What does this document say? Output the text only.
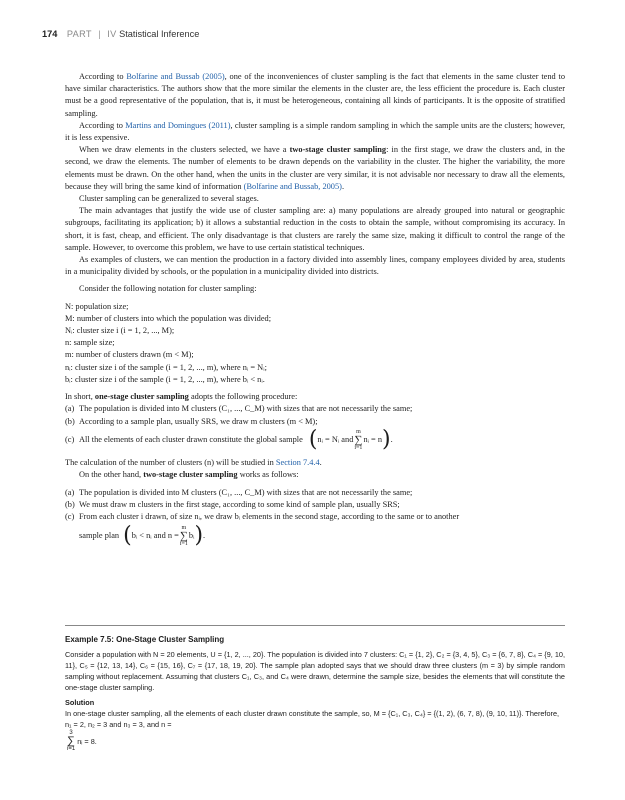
174 PART | IV Statistical Inference

According to Bolfarine and Bussab (2005), one of the inconveniences of cluster sampling is the fact that elements in the same cluster tend to have similar characteristics. The authors show that the more similar the elements in the cluster are, the less efficient the procedure is. Each cluster must be a good representative of the population, that is, it must be heterogeneous, containing all kinds of participants. It is the opposite of stratified sampling.

According to Martins and Domingues (2011), cluster sampling is a simple random sampling in which the sample units are the clusters; however, it is less expensive.

When we draw elements in the clusters selected, we have a two-stage cluster sampling: in the first stage, we draw the clusters and, in the second, we draw the elements. The number of elements to be drawn depends on the variability in the cluster. The higher the variability, the more elements must be drawn. On the other hand, when the units in the cluster are very similar, it is not advisable nor necessary to draw all the elements, because they will bring the same kind of information (Bolfarine and Bussab, 2005).

Cluster sampling can be generalized to several stages.

The main advantages that justify the wide use of cluster sampling are: a) many populations are already grouped into natural or geographic subgroups, facilitating its application; b) it allows a substantial reduction in the costs to obtain the sample, without compromising its accuracy. In short, it is fast, cheap, and efficient. The only disadvantage is that clusters are rarely the same size, making it difficult to control the range of the sample. However, to overcome this problem, we have to use certain statistical techniques.

As examples of clusters, we can mention the production in a factory divided into assembly lines, company employees divided by area, students in a municipality divided by schools, or the population in a municipality divided into districts.

Consider the following notation for cluster sampling:

N: population size;
M: number of clusters into which the population was divided;
Nᵢ: cluster size i (i = 1, 2, ..., M);
n: sample size;
m: number of clusters drawn (m < M);
nᵢ: cluster size i of the sample (i = 1, 2, ..., m), where nᵢ = Nᵢ;
bᵢ: cluster size i of the sample (i = 1, 2, ..., m), where bᵢ < nᵢ.

In short, one-stage cluster sampling adopts the following procedure:

(a) The population is divided into M clusters (C₁, ..., C_M) with sizes that are not necessarily the same;
(b) According to a sample plan, usually SRS, we draw m clusters (m < M);
(c) All the elements of each cluster drawn constitute the global sample ( nᵢ = Nᵢ and
m
∑
i=1
nᵢ = n ) .

The calculation of the number of clusters (n) will be studied in Section 7.4.4.

On the other hand, two-stage cluster sampling works as follows:

(a) The population is divided into M clusters (C₁, ..., C_M) with sizes that are not necessarily the same;
(b) We must draw m clusters in the first stage, according to some kind of sample plan, usually SRS;
(c) From each cluster i drawn, of size nᵢ, we draw bᵢ elements in the second stage, according to the same or to another
sample plan ( bᵢ < nᵢ and n =
m
∑
i=1
bᵢ ) .
Example 7.5: One-Stage Cluster Sampling
Consider a population with N = 20 elements, U = {1, 2, ..., 20}. The population is divided into 7 clusters: C₁ = {1, 2}, C₂ = {3, 4, 5}, C₃ = {6, 7, 8}, C₄ = {9, 10, 11}, C₅ = {12, 13, 14}, C₆ = {15, 16}, C₇ = {17, 18, 19, 20}. The sample plan adopted says that we should draw three clusters (m = 3) by simple random sampling without replacement. Assuming that clusters C₁, C₃, and C₄ were drawn, determine the sample size, besides the elements that will constitute the one-stage cluster sampling.
Solution
In one-stage cluster sampling, all the elements of each cluster drawn constitute the sample, so, M = {C₁, C₃, C₄} = {(1, 2), (6, 7, 8), (9, 10, 11)}. Therefore, n₁ = 2, n₂ = 3 and n₃ = 3, and n =
3
∑
i=1
nᵢ = 8.
